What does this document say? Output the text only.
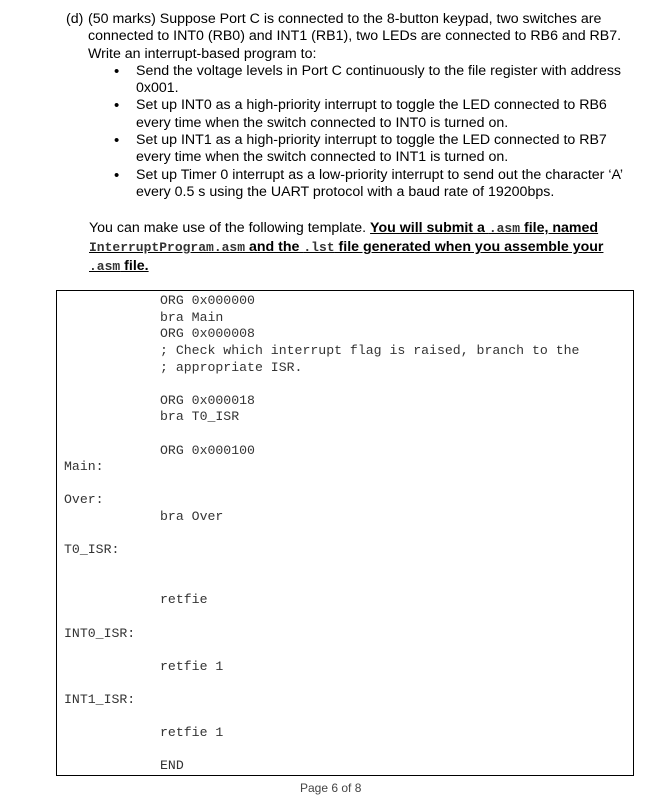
(d) (50 marks) Suppose Port C is connected to the 8-button keypad, two switches are connected to INT0 (RB0) and INT1 (RB1), two LEDs are connected to RB6 and RB7. Write an interrupt-based program to:
• Send the voltage levels in Port C continuously to the file register with address 0x001.
• Set up INT0 as a high-priority interrupt to toggle the LED connected to RB6 every time when the switch connected to INT0 is turned on.
• Set up INT1 as a high-priority interrupt to toggle the LED connected to RB7 every time when the switch connected to INT1 is turned on.
• Set up Timer 0 interrupt as a low-priority interrupt to send out the character ‘A’ every 0.5 s using the UART protocol with a baud rate of 19200bps.
You can make use of the following template. You will submit a .asm file, named
InterruptProgram.asm and the .lst file generated when you assemble your
.asm file.
ORG 0x000000
bra Main
ORG 0x000008
; Check which interrupt flag is raised, branch to the
; appropriate ISR.
ORG 0x000018
bra T0_ISR
ORG 0x000100
Main:
Over:
bra Over
T0_ISR:
retfie
INT0_ISR:
retfie 1
INT1_ISR:
retfie 1
END
Page 6 of 8
